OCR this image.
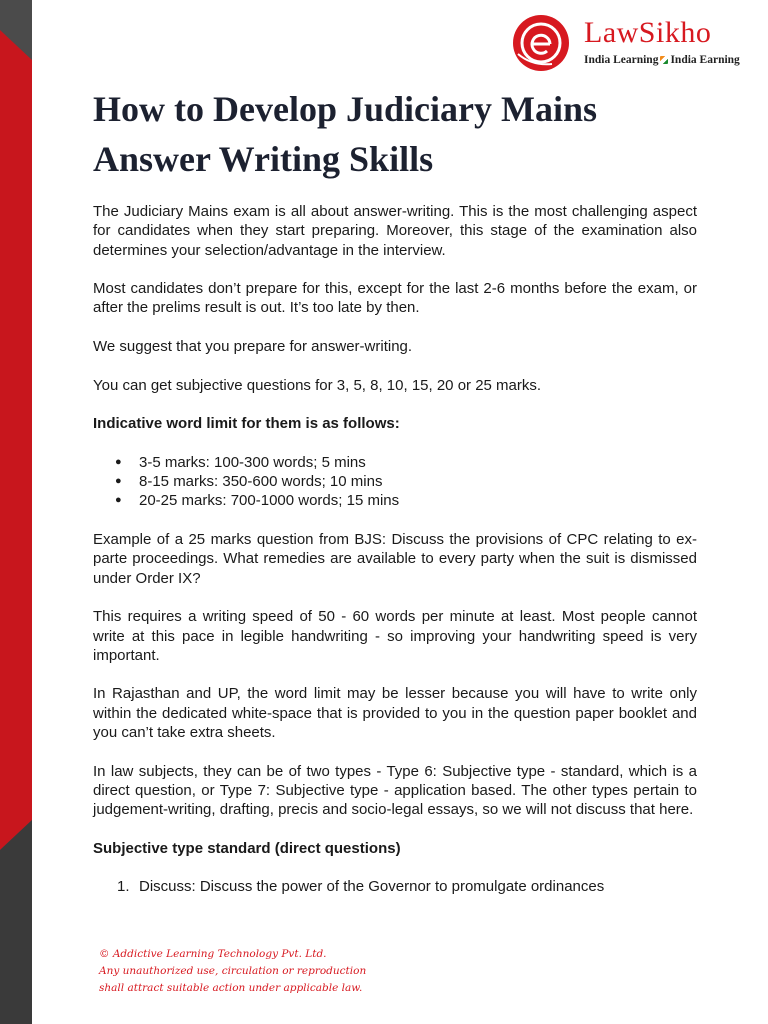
LawSikho
India Learning India Earning
How to Develop Judiciary Mains Answer Writing Skills

The Judiciary Mains exam is all about answer-writing. This is the most challenging aspect for candidates when they start preparing. Moreover, this stage of the examination also determines your selection/advantage in the interview.

Most candidates don’t prepare for this, except for the last 2-6 months before the exam, or after the prelims result is out. It’s too late by then.

We suggest that you prepare for answer-writing.

You can get subjective questions for 3, 5, 8, 10, 15, 20 or 25 marks.

Indicative word limit for them is as follows:

● 3-5 marks: 100-300 words; 5 mins
● 8-15 marks: 350-600 words; 10 mins
● 20-25 marks: 700-1000 words; 15 mins

Example of a 25 marks question from BJS: Discuss the provisions of CPC relating to ex-parte proceedings. What remedies are available to every party when the suit is dismissed under Order IX?

This requires a writing speed of 50 - 60 words per minute at least. Most people cannot write at this pace in legible handwriting - so improving your handwriting speed is very important.

In Rajasthan and UP, the word limit may be lesser because you will have to write only within the dedicated white-space that is provided to you in the question paper booklet and you can’t take extra sheets.

In law subjects, they can be of two types - Type 6: Subjective type - standard, which is a direct question, or Type 7: Subjective type - application based. The other types pertain to judgement-writing, drafting, precis and socio-legal essays, so we will not discuss that here.

Subjective type standard (direct questions)

1. Discuss: Discuss the power of the Governor to promulgate ordinances
© Addictive Learning Technology Pvt. Ltd.
Any unauthorized use, circulation or reproduction
shall attract suitable action under applicable law.
